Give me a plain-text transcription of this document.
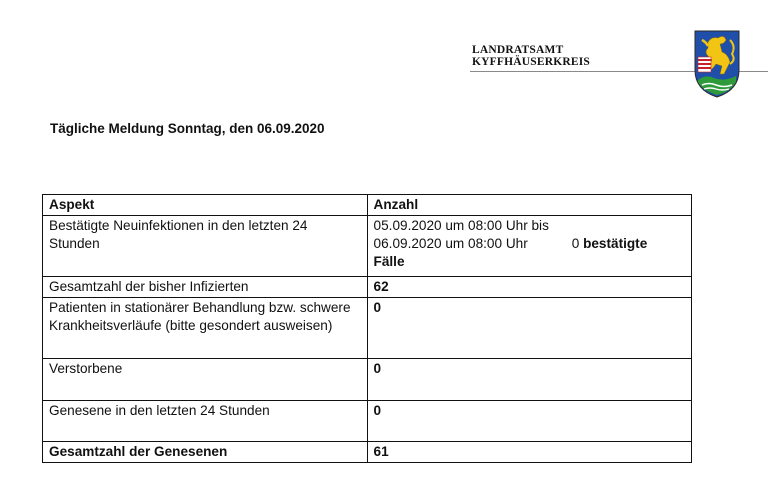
LANDRATSAMT
KYFFHÄUSERKREIS
Tägliche Meldung Sonntag, den 06.09.2020
Aspekt	Anzahl
Bestätigte Neuinfektionen in den letzten 24 Stunden	05.09.2020 um 08:00 Uhr bis
06.09.2020 um 08:00 Uhr 0 bestätigte
Fälle

Gesamtzahl der bisher Infizierten	62
Patienten in stationärer Behandlung bzw. schwere Krankheitsverläufe (bitte gesondert ausweisen)	0
Verstorbene	0
Genesene in den letzten 24 Stunden	0
Gesamtzahl der Genesenen	61
